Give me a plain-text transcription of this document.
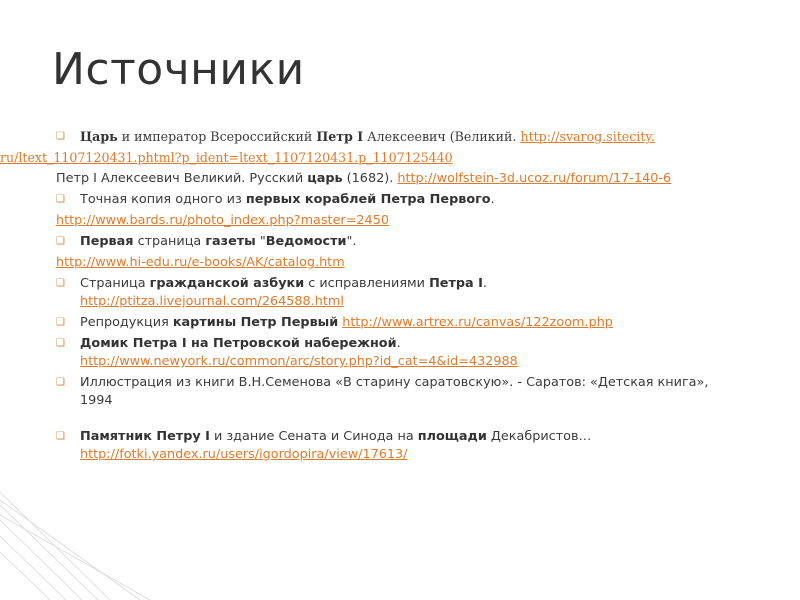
Источники
❑	Царь и император Всероссийский Петр I Алексеевич (Великий. http://svarog.sitecity.
ru/ltext_1107120431.phtml?p_ident=ltext_1107120431.p_1107125440
Петр I Алексеевич Великий. Русский царь (1682). http://wolfstein-3d.ucoz.ru/forum/17-140-6
❑	Точная копия одного из первых кораблей Петра Первого.
http://www.bards.ru/photo_index.php?master=2450
❑	Первая страница газеты "Ведомости".
http://www.hi-edu.ru/e-books/AK/catalog.htm
❑	Страница гражданской азбуки с исправлениями Петра I.
http://ptitza.livejournal.com/264588.html
❑	Репродукция картины Петр Первый http://www.artrex.ru/canvas/122zoom.php
❑	Домик Петра I на Петровской набережной.
http://www.newyork.ru/common/arc/story.php?id_cat=4&id=432988
❑	Иллюстрация из книги В.Н.Семенова «В старину саратовскую». - Саратов: «Детская книга», 1994
❑	Памятник Петру I и здание Сената и Синода на площади Декабристов…
http://fotki.yandex.ru/users/igordopira/view/17613/
